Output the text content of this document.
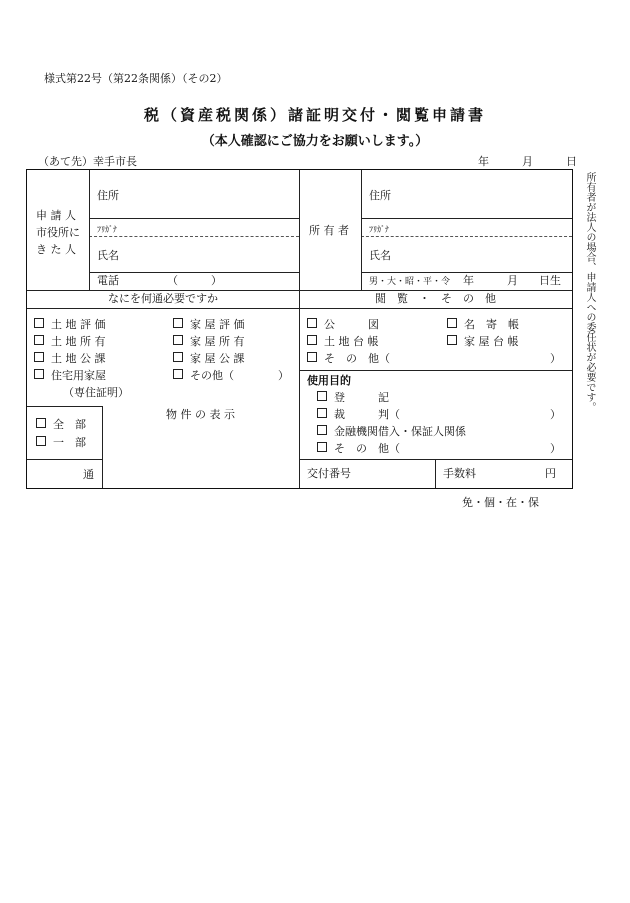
様式第22号（第22条関係）（その2）
税（資産税関係）諸証明交付・閲覧申請書
（本人確認にご協力をお願いします。）
（あて先）幸手市長	年	月	日
所有者が法人の場合、申請人への委任状が必要です。
申 請 人
市役所に
き た 人
住所
ﾌﾘｶﾞﾅ
氏名
電話	（　　　）
所 有 者
住所
ﾌﾘｶﾞﾅ
氏名
男・大・昭・平・令 年	月 日生
なにを何通必要ですか	閲　覧　・　そ　の　他
土 地 評 価	家 屋 評 価
土 地 所 有	家 屋 所 有
土 地 公 課	家 屋 公 課
住宅用家屋	その他（　　　　）
（専住証明）
公　　　図	名　寄　帳
土 地 台 帳	家 屋 台 帳
そ　の　他（	）
全　部
一　部
通
物 件 の 表 示
使用目的
登　　　記
裁　　　判（	）
金融機関借入・保証人関係
そ　の　他（	）
交付番号	手数料	円
免・個・在・保
